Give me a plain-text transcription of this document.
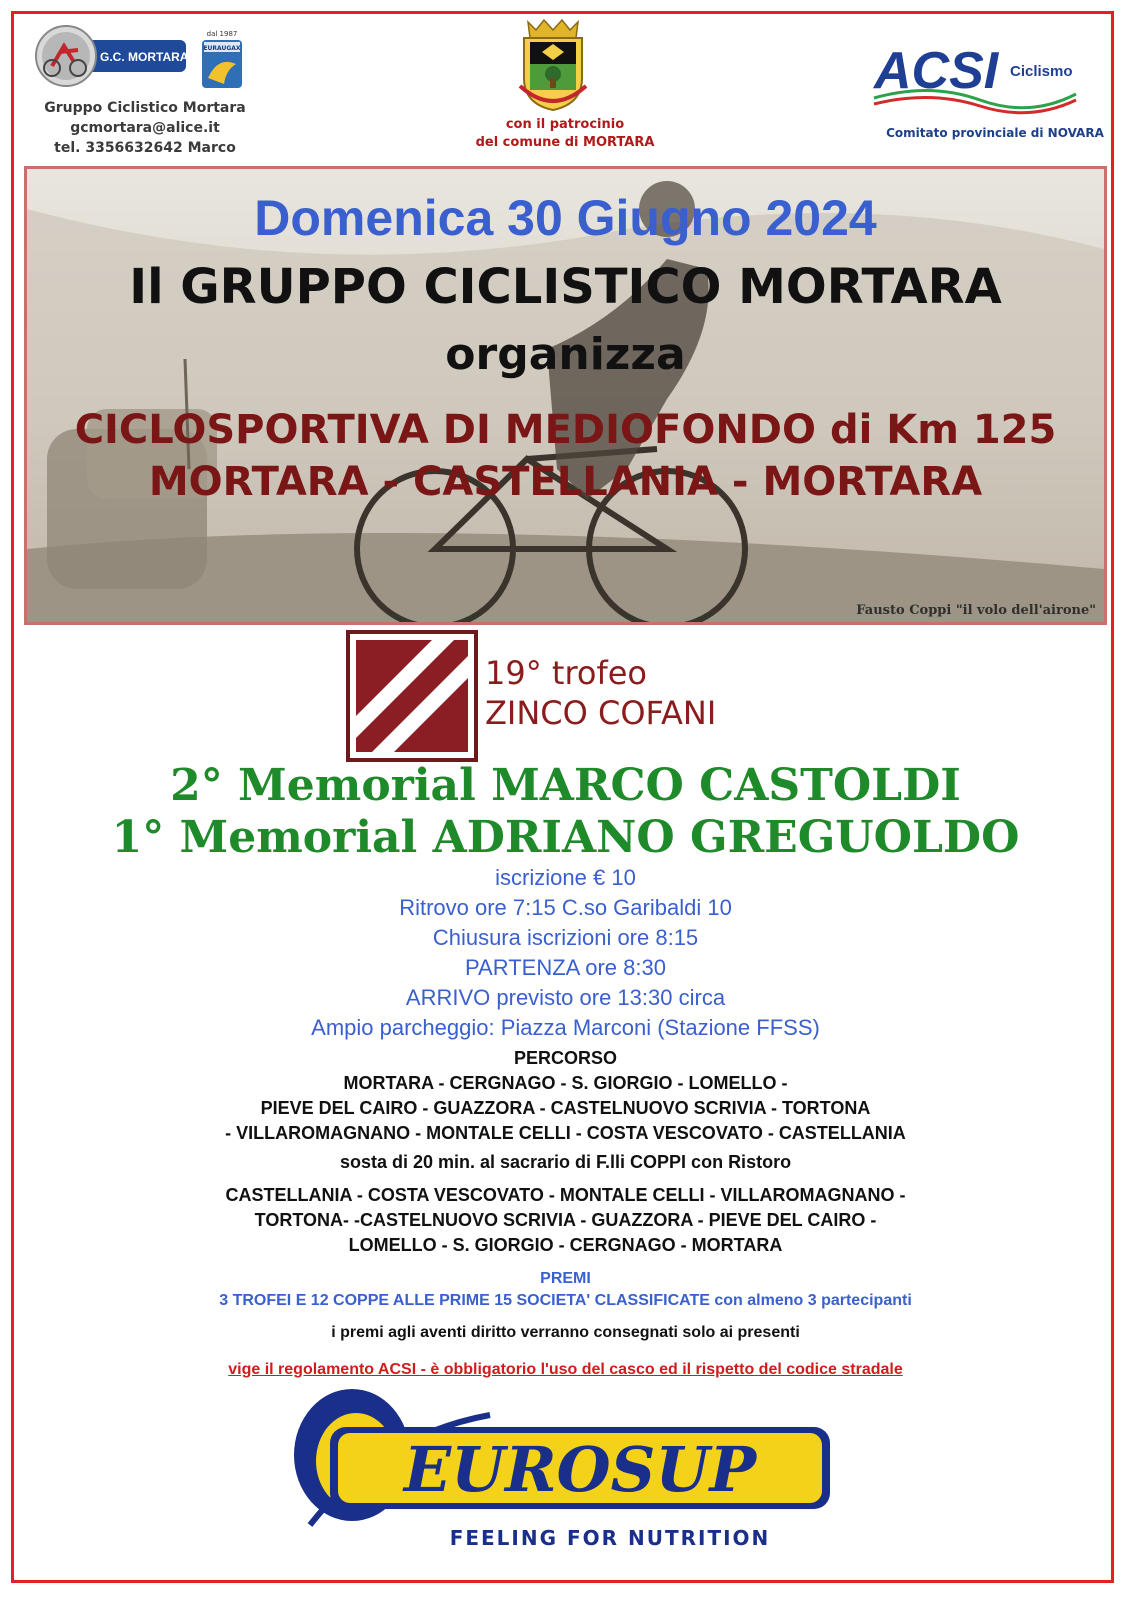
G.C. MORTARA
dal 1987
EURAUGAX
Gruppo Ciclistico Mortara
gcmortara@alice.it
tel. 3356632642 Marco
con il patrocinio
del comune di MORTARA
ACSI Ciclismo
Comitato provinciale di NOVARA
Domenica 30 Giugno 2024
Il GRUPPO CICLISTICO MORTARA
organizza
CICLOSPORTIVA DI MEDIOFONDO di Km 125
MORTARA - CASTELLANIA - MORTARA
Fausto Coppi "il volo dell'airone"
19° trofeo
ZINCO COFANI
2° Memorial MARCO CASTOLDI
1° Memorial ADRIANO GREGUOLDO
iscrizione € 10
Ritrovo ore 7:15 C.so Garibaldi 10
Chiusura iscrizioni ore 8:15
PARTENZA ore 8:30
ARRIVO previsto ore 13:30 circa
Ampio parcheggio: Piazza Marconi (Stazione FFSS)
PERCORSO
MORTARA - CERGNAGO - S. GIORGIO - LOMELLO -
PIEVE DEL CAIRO - GUAZZORA - CASTELNUOVO SCRIVIA - TORTONA
- VILLAROMAGNANO - MONTALE CELLI - COSTA VESCOVATO - CASTELLANIA
sosta di 20 min. al sacrario di F.lli COPPI con Ristoro
CASTELLANIA - COSTA VESCOVATO - MONTALE CELLI - VILLAROMAGNANO -
TORTONA- -CASTELNUOVO SCRIVIA - GUAZZORA - PIEVE DEL CAIRO -
LOMELLO - S. GIORGIO - CERGNAGO - MORTARA
PREMI
3 TROFEI E 12 COPPE ALLE PRIME 15 SOCIETA' CLASSIFICATE con almeno 3 partecipanti
i premi agli aventi diritto verranno consegnati solo ai presenti
vige il regolamento ACSI - è obbligatorio l'uso del casco ed il rispetto del codice stradale
EUROSUP
FEELING FOR NUTRITION
